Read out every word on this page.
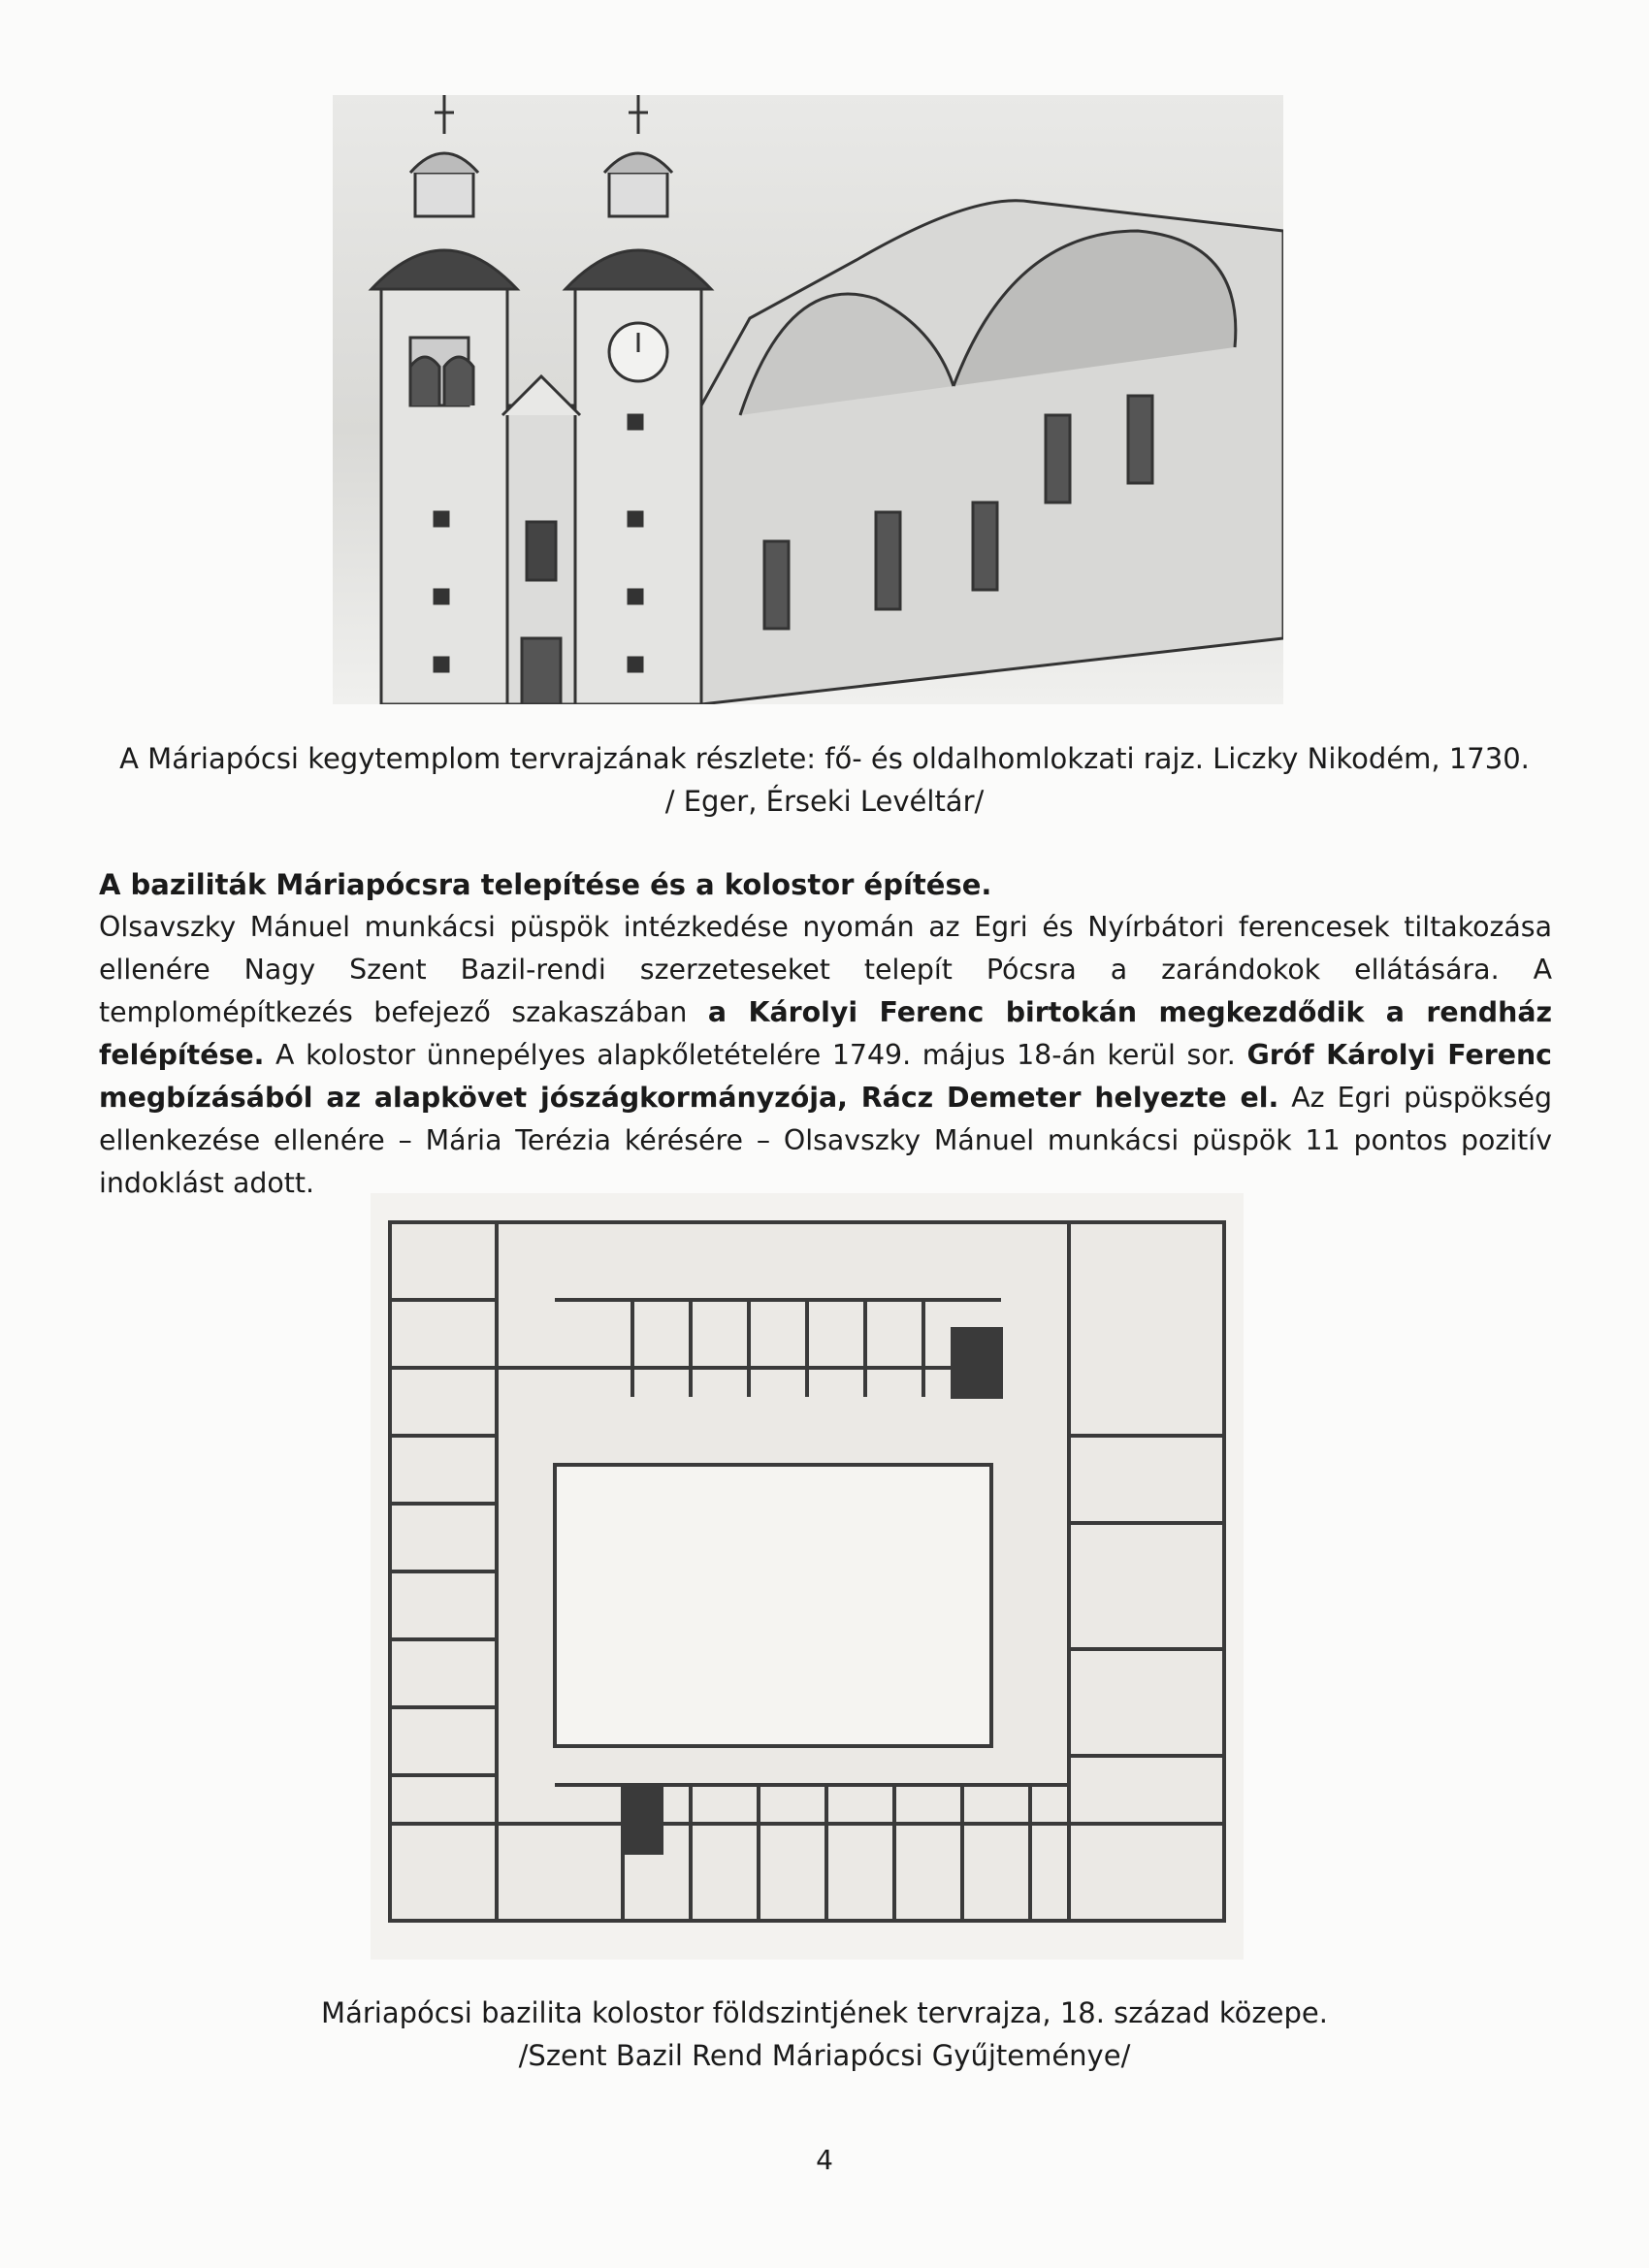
A Máriapócsi kegytemplom tervrajzának részlete: fő- és oldalhomlokzati rajz. Liczky Nikodém, 1730.
/ Eger, Érseki Levéltár/
A baziliták Máriapócsra telepítése és a kolostor építése.

Olsavszky Mánuel munkácsi püspök intézkedése nyomán az Egri és Nyírbátori ferencesek tiltakozása ellenére Nagy Szent Bazil-rendi szerzeteseket telepít Pócsra a zarándokok ellátására. A templomépítkezés befejező szakaszában a Károlyi Ferenc birtokán megkezdődik a rendház felépítése. A kolostor ünnepélyes alapkőletételére 1749. május 18-án kerül sor. Gróf Károlyi Ferenc megbízásából az alapkövet jószágkormányzója, Rácz Demeter helyezte el. Az Egri püspökség ellenkezése ellenére – Mária Terézia kérésére – Olsavszky Mánuel munkácsi püspök 11 pontos pozitív indoklást adott.

Máriapócsi bazilita kolostor földszintjének tervrajza, 18. század közepe.
/Szent Bazil Rend Máriapócsi Gyűjteménye/
4
